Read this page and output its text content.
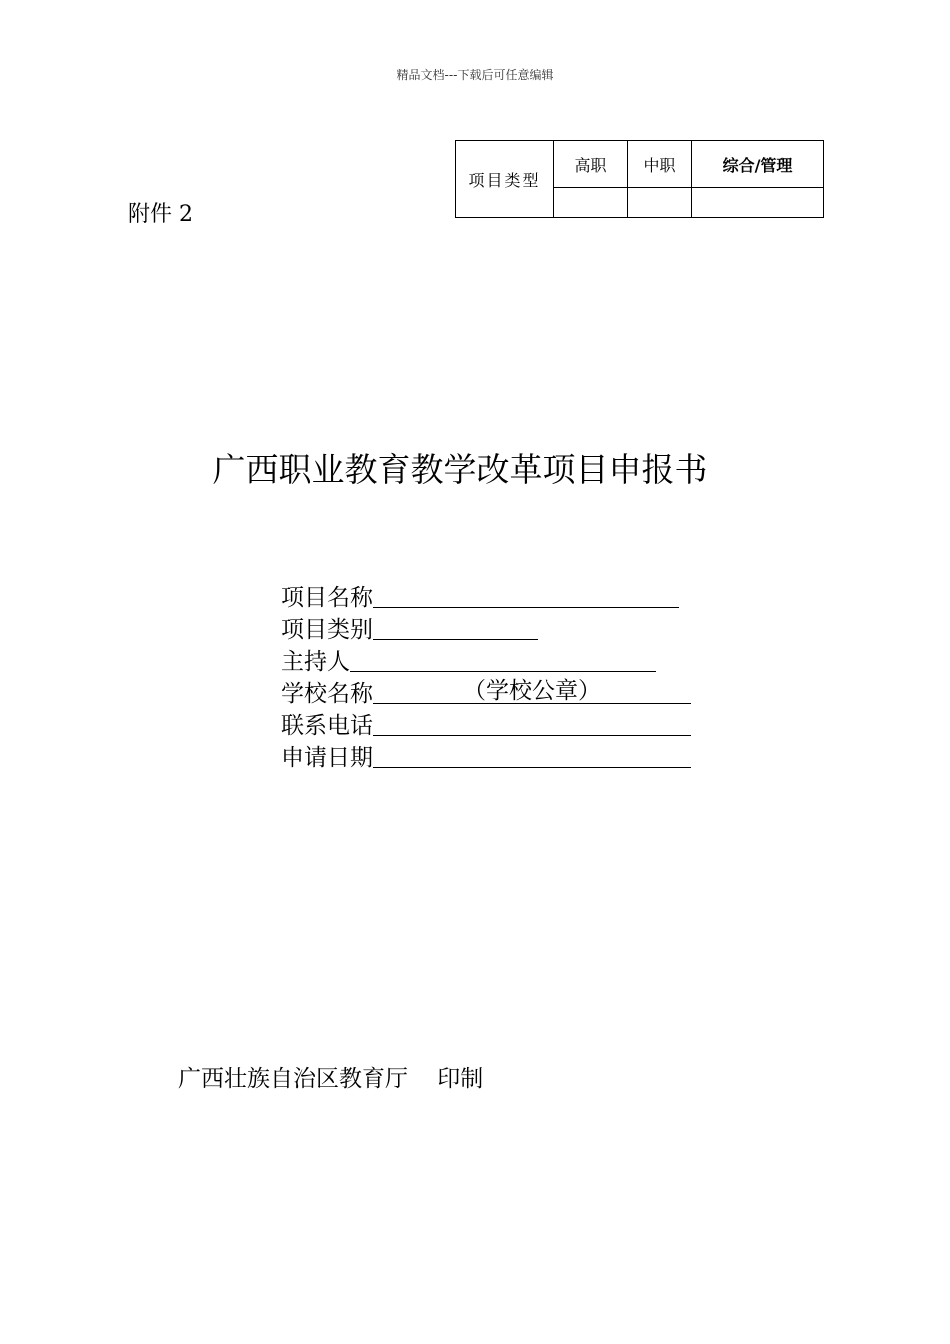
精品文档---下载后可任意编辑
附件 2
项目类型	高职	中职	综合/管理

广西职业教育教学改革项目申报书
项目名称
项目类别
主持人
学校名称	（学校公章）
联系电话
申请日期
广西壮族自治区教育厅 印制
